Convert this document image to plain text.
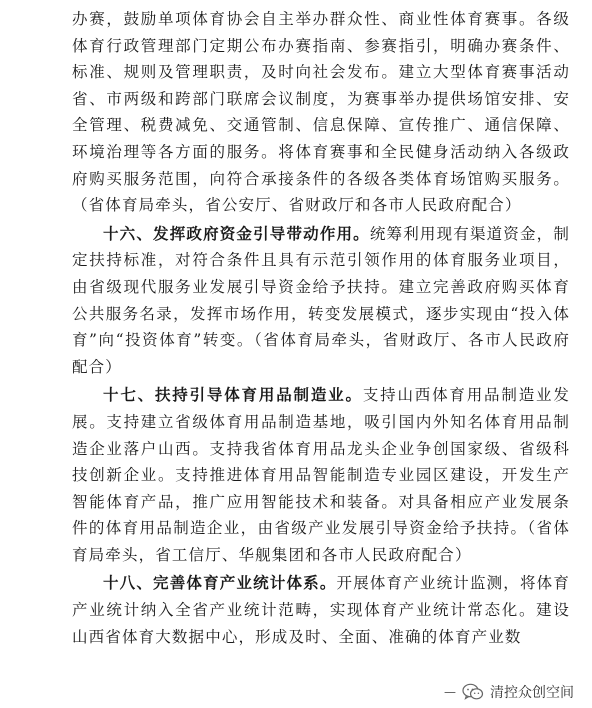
办赛，鼓励单项体育协会自主举办群众性、商业性体育赛事。各级体育行政管理部门定期公布办赛指南、参赛指引，明确办赛条件、标准、规则及管理职责，及时向社会发布。建立大型体育赛事活动省、市两级和跨部门联席会议制度，为赛事举办提供场馆安排、安全管理、税费减免、交通管制、信息保障、宣传推广、通信保障、环境治理等各方面的服务。将体育赛事和全民健身活动纳入各级政府购买服务范围，向符合承接条件的各级各类体育场馆购买服务。（省体育局牵头，省公安厅、省财政厅和各市人民政府配合）

十六、发挥政府资金引导带动作用。统筹利用现有渠道资金，制定扶持标准，对符合条件且具有示范引领作用的体育服务业项目，由省级现代服务业发展引导资金给予扶持。建立完善政府购买体育公共服务名录，发挥市场作用，转变发展模式，逐步实现由“投入体育”向“投资体育”转变。（省体育局牵头，省财政厅、各市人民政府配合）

十七、扶持引导体育用品制造业。支持山西体育用品制造业发展。支持建立省级体育用品制造基地，吸引国内外知名体育用品制造企业落户山西。支持我省体育用品龙头企业争创国家级、省级科技创新企业。支持推进体育用品智能制造专业园区建设，开发生产智能体育产品，推广应用智能技术和装备。对具备相应产业发展条件的体育用品制造企业，由省级产业发展引导资金给予扶持。（省体育局牵头，省工信厅、华舰集团和各市人民政府配合）

十八、完善体育产业统计体系。开展体育产业统计监测，将体育产业统计纳入全省产业统计范畴，实现体育产业统计常态化。建设山西省体育大数据中心，形成及时、全面、准确的体育产业数

— 清控众创空间
